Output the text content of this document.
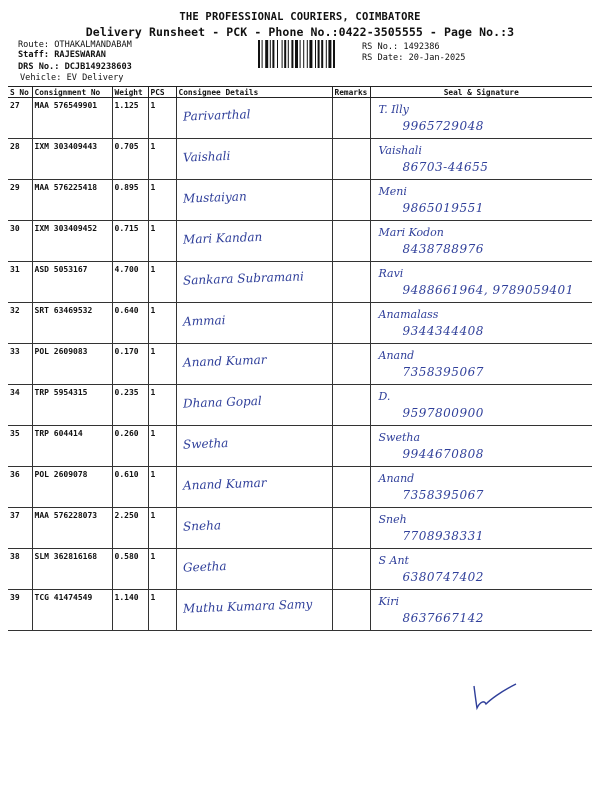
THE PROFESSIONAL COURIERS, COIMBATORE
Delivery Runsheet - PCK - Phone No.:0422-3505555 - Page No.:3
Route: OTHAKALMANDABAM
Staff: RAJESWARAN
DRS No.: DCJB149238603
Vehicle: EV Delivery
RS No.: 1492386
RS Date: 20-Jan-2025
S No	Consignment No	Weight	PCS	Consignee Details	Remarks	Seal & Signature
27	MAA 576549901	1.125	1	Parivarthal		T. Illy
9965729048

28	IXM 303409443	0.705	1	Vaishali		Vaishali
86703-44655

29	MAA 576225418	0.895	1	Mustaiyan		Meni
9865019551

30	IXM 303409452	0.715	1	Mari Kandan		Mari Kodon
8438788976

31	ASD 5053167	4.700	1	Sankara Subramani		Ravi
9488661964, 9789059401

32	SRT 63469532	0.640	1	Ammai		Anamalass
9344344408

33	POL 2609083	0.170	1	Anand Kumar		Anand
7358395067

34	TRP 5954315	0.235	1	Dhana Gopal		D.
9597800900

35	TRP 604414	0.260	1	Swetha		Swetha
9944670808

36	POL 2609078	0.610	1	Anand Kumar		Anand
7358395067

37	MAA 576228073	2.250	1	Sneha		Sneh
7708938331

38	SLM 362816168	0.580	1	Geetha		S Ant
6380747402

39	TCG 41474549	1.140	1	Muthu Kumara Samy		Kiri
8637667142
